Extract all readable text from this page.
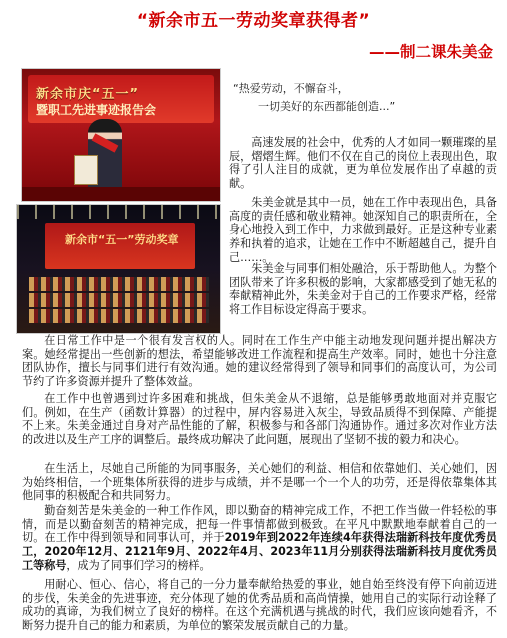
“新余市五一劳动奖章获得者”
——制二课朱美金
新余市庆“五一”
暨职工先进事迹报告会
新余市“五一”劳动奖章
“热爱劳动，不懈奋斗，
一切美好的东西都能创造...”

高速发展的社会中，优秀的人才如同一颗璀璨的星辰，熠熠生辉。他们不仅在自己的岗位上表现出色，取得了引人注目的成就，更为单位发展作出了卓越的贡献。

朱美金就是其中一员，她在工作中表现出色，具备高度的责任感和敬业精神。她深知自己的职责所在，全身心地投入到工作中，力求做到最好。正是这种专业素养和执着的追求，让她在工作中不断超越自己，提升自己……。

朱美金与同事们相处融洽，乐于帮助他人。为整个团队带来了许多积极的影响，大家都感受到了她无私的奉献精神此外，朱美金对于自己的工作要求严格，经常将工作目标设定得高于要求。

在日常工作中是一个很有发言权的人。同时在工作生产中能主动地发现问题并提出解决方案。她经常提出一些创新的想法，希望能够改进工作流程和提高生产效率。同时，她也十分注意团队协作，擅长与同事们进行有效沟通。她的建议经常得到了领导和同事们的高度认可，为公司节约了许多资源并提升了整体效益。

在工作中也曾遇到过许多困难和挑战，但朱美金从不退缩，总是能够勇敢地面对并克服它们。例如，在生产（函数计算器）的过程中，屏内容易进入灰尘，导致品质得不到保障、产能提不上来。朱美金通过自身对产品性能的了解，积极参与和各部门沟通协作。通过多次对作业方法的改进以及生产工序的调整后。最终成功解决了此问题，展现出了坚韧不拔的毅力和决心。

在生活上，尽她自己所能的为同事服务，关心她们的利益、相信和依靠她们、关心她们，因为始终相信，一个班集体所获得的进步与成绩，并不是哪一个一个人的功劳，还是得依靠集体其他同事的积极配合和共同努力。

勤奋刻苦是朱美金的一种工作作风，即以勤奋的精神完成工作，不把工作当做一件轻松的事情，而是以勤奋刻苦的精神完成，把每一件事情都做到极致。在平凡中默默地奉献着自己的一切。在工作中得到领导和同事认可，并于2019年到2022年连续4年获得法瑞新科技年度优秀员工，2020年12月、2121年9月、2022年4月、2023年11月分别获得法瑞新科技月度优秀员工等称号，成为了同事们学习的榜样。

用耐心、恒心、信心，将自己的一分力量奉献给热爱的事业，她自始至终没有停下向前迈进的步伐，朱美金的先进事迹，充分体现了她的优秀品质和高尚情操，她用自己的实际行动诠释了成功的真谛，为我们树立了良好的榜样。在这个充满机遇与挑战的时代，我们应该向她看齐，不断努力提升自己的能力和素质，为单位的繁荣发展贡献自己的力量。
